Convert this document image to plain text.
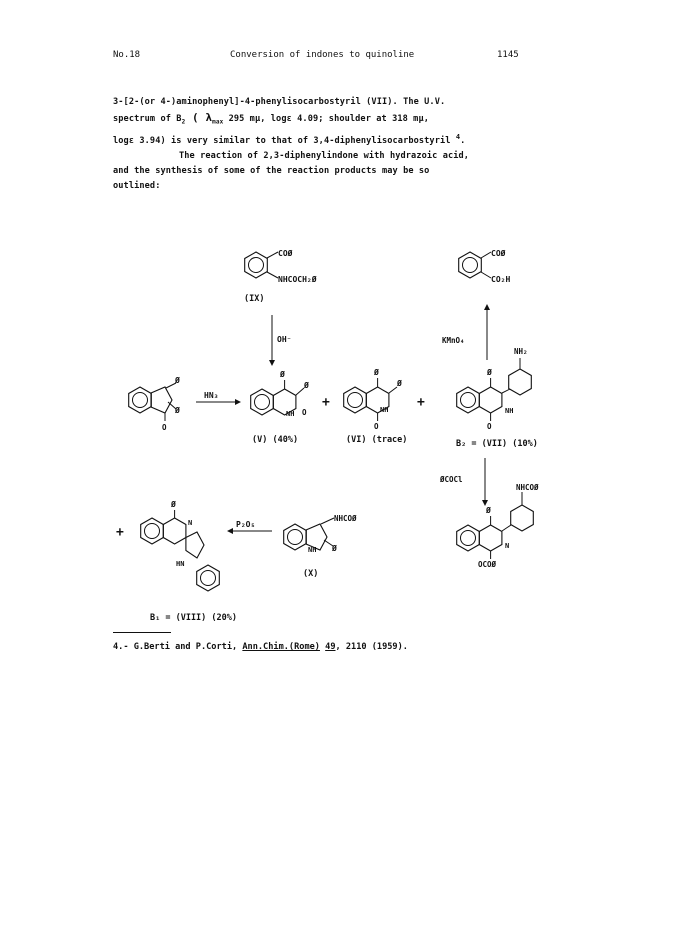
No.18	Conversion of indones to quinoline	1145
3-[2-(or 4-)aminophenyl]-4-phenylisocarbostyril (VII). The U.V.
spectrum of $B_2$ ( $\lambda_{max}$ 295 mμ, logε 4.09; shoulder at 318 mμ,
logε 3.94) is very similar to that of 3,4-diphenylisocarbostyril $^4$.
The reaction of 2,3-diphenylindone with hydrazoic acid,
and the synthesis of some of the reaction products may be so
outlined:
COØ
NHCOCH₂Ø
(IX)
COØ
CO₂H
OH⁻	KMnO₄
Ø
Ø
O
HN₃
Ø
Ø
NH O
(V) (40%)
+
Ø
Ø
NH
O
(VI) (trace)
+
Ø
NH₂
NH
O
B₂ = (VII) (10%)
ØCOCl
Ø
NHCOØ
N
OCOØ
NHCOØ
Ø
NH
(X)
P₂O₅
+
Ø
N
HN
B₁ = (VIII) (20%)
4.- G.Berti and P.Corti, Ann.Chim.(Rome) 49, 2110 (1959).
